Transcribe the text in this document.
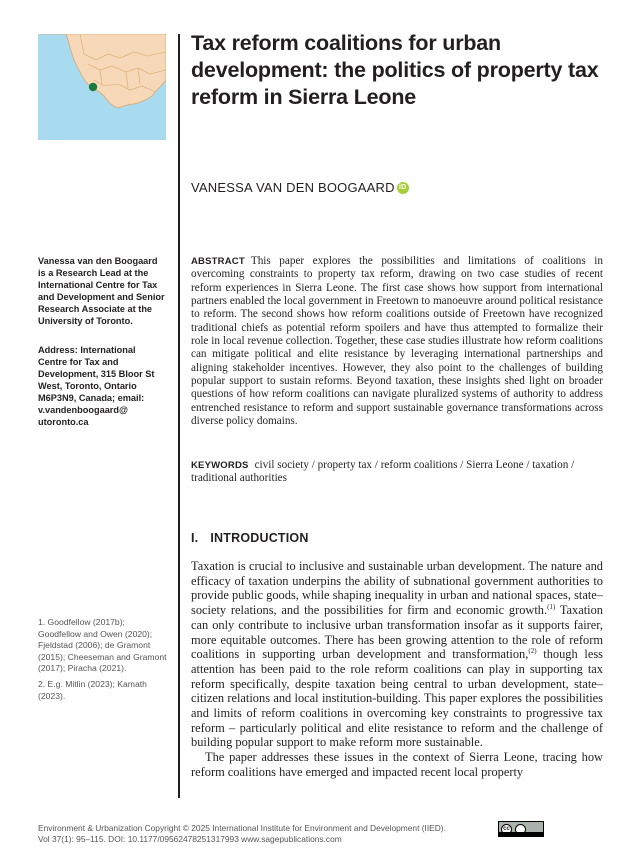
Tax reform coalitions for urban development: the politics of property tax reform in Sierra Leone
VANESSA VAN DEN BOOGAARD iD
Vanessa van den Boogaard is a Research Lead at the International Centre for Tax and Development and Senior Research Associate at the University of Toronto.
Address: International Centre for Tax and Development, 315 Bloor St West, Toronto, Ontario M6P3N9, Canada; email: v.vandenboogaard@ utoronto.ca
ABSTRACT This paper explores the possibilities and limitations of coalitions in overcoming constraints to property tax reform, drawing on two case studies of recent reform experiences in Sierra Leone. The first case shows how support from international partners enabled the local government in Freetown to manoeuvre around political resistance to reform. The second shows how reform coalitions outside of Freetown have recognized traditional chiefs as potential reform spoilers and have thus attempted to formalize their role in local revenue collection. Together, these case studies illustrate how reform coalitions can mitigate political and elite resistance by leveraging international partnerships and aligning stakeholder incentives. However, they also point to the challenges of building popular support to sustain reforms. Beyond taxation, these insights shed light on broader questions of how reform coalitions can navigate pluralized systems of authority to address entrenched resistance to reform and support sustainable governance transformations across diverse policy domains.
KEYWORDS civil society / property tax / reform coalitions / Sierra Leone / taxation / traditional authorities
I. INTRODUCTION

Taxation is crucial to inclusive and sustainable urban development. The nature and efficacy of taxation underpins the ability of subnational government authorities to provide public goods, while shaping inequality in urban and national spaces, state–society relations, and the possibilities for firm and economic growth.$^{(1)}$ Taxation can only contribute to inclusive urban transformation insofar as it supports fairer, more equitable outcomes. There has been growing attention to the role of reform coalitions in supporting urban development and transformation,$^{(2)}$ though less attention has been paid to the role reform coalitions can play in supporting tax reform specifically, despite taxation being central to urban development, state–citizen relations and local institution-building. This paper explores the possibilities and limits of reform coalitions in overcoming key constraints to progressive tax reform – particularly political and elite resistance to reform and the challenge of building popular support to make reform more sustainable.

The paper addresses these issues in the context of Sierra Leone, tracing how reform coalitions have emerged and impacted recent local property

1. Goodfellow (2017b); Goodfellow and Owen (2020); Fjeldstad (2006); de Gramont (2015); Cheeseman and Gramont (2017); Piracha (2021).

2. E.g. Mitlin (2023); Kamath (2023).

Environment & Urbanization Copyright © 2025 International Institute for Environment and Development (IIED).
Vol 37(1): 95–115. DOI: 10.1177/09562478251317993 www.sagepublications.com
cc
